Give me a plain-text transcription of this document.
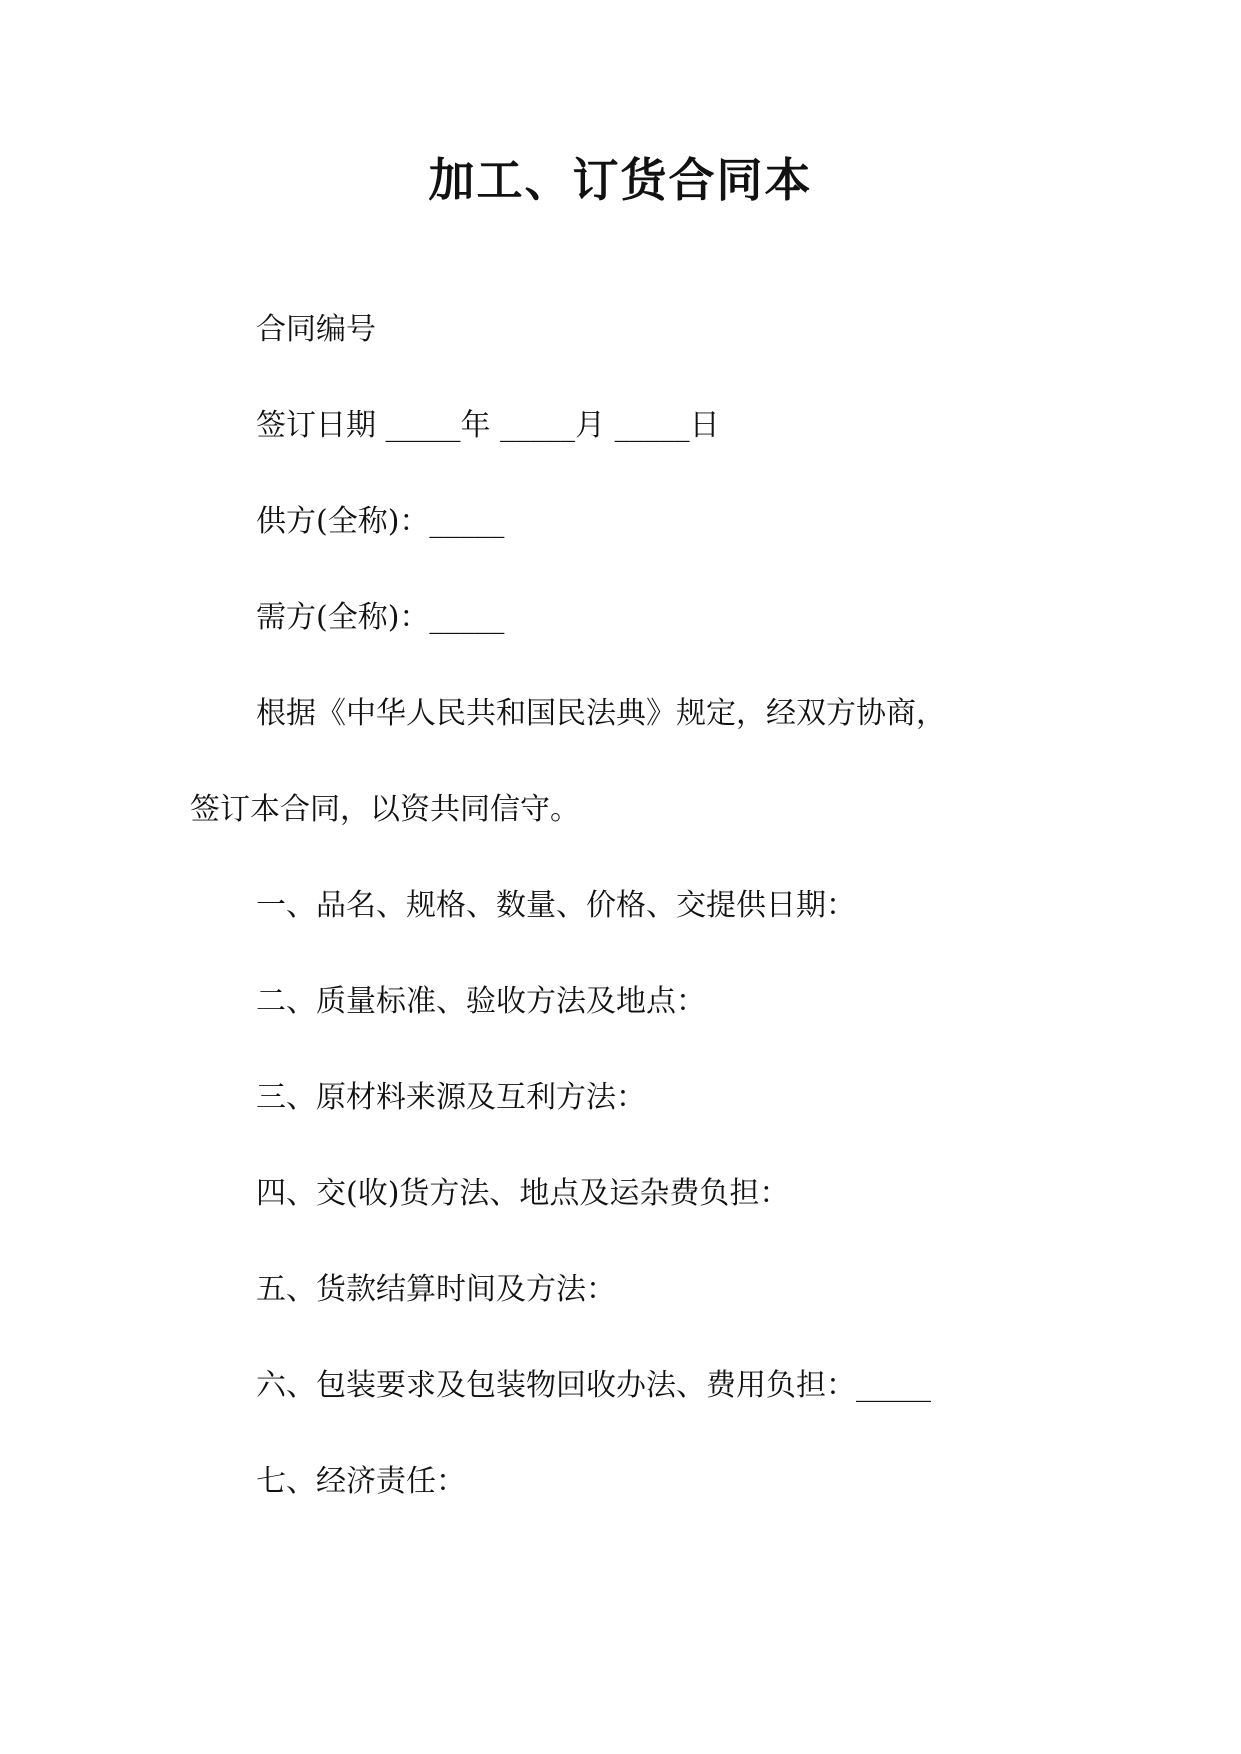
加工、订货合同本

合同编号

签订日期 _____年 _____月 _____日

供方(全称)：_____

需方(全称)：_____

根据《中华人民共和国民法典》规定，经双方协商，

签订本合同，以资共同信守。

一、品名、规格、数量、价格、交提供日期：

二、质量标准、验收方法及地点：

三、原材料来源及互利方法：

四、交(收)货方法、地点及运杂费负担：

五、货款结算时间及方法：

六、包装要求及包装物回收办法、费用负担：_____

七、经济责任：
